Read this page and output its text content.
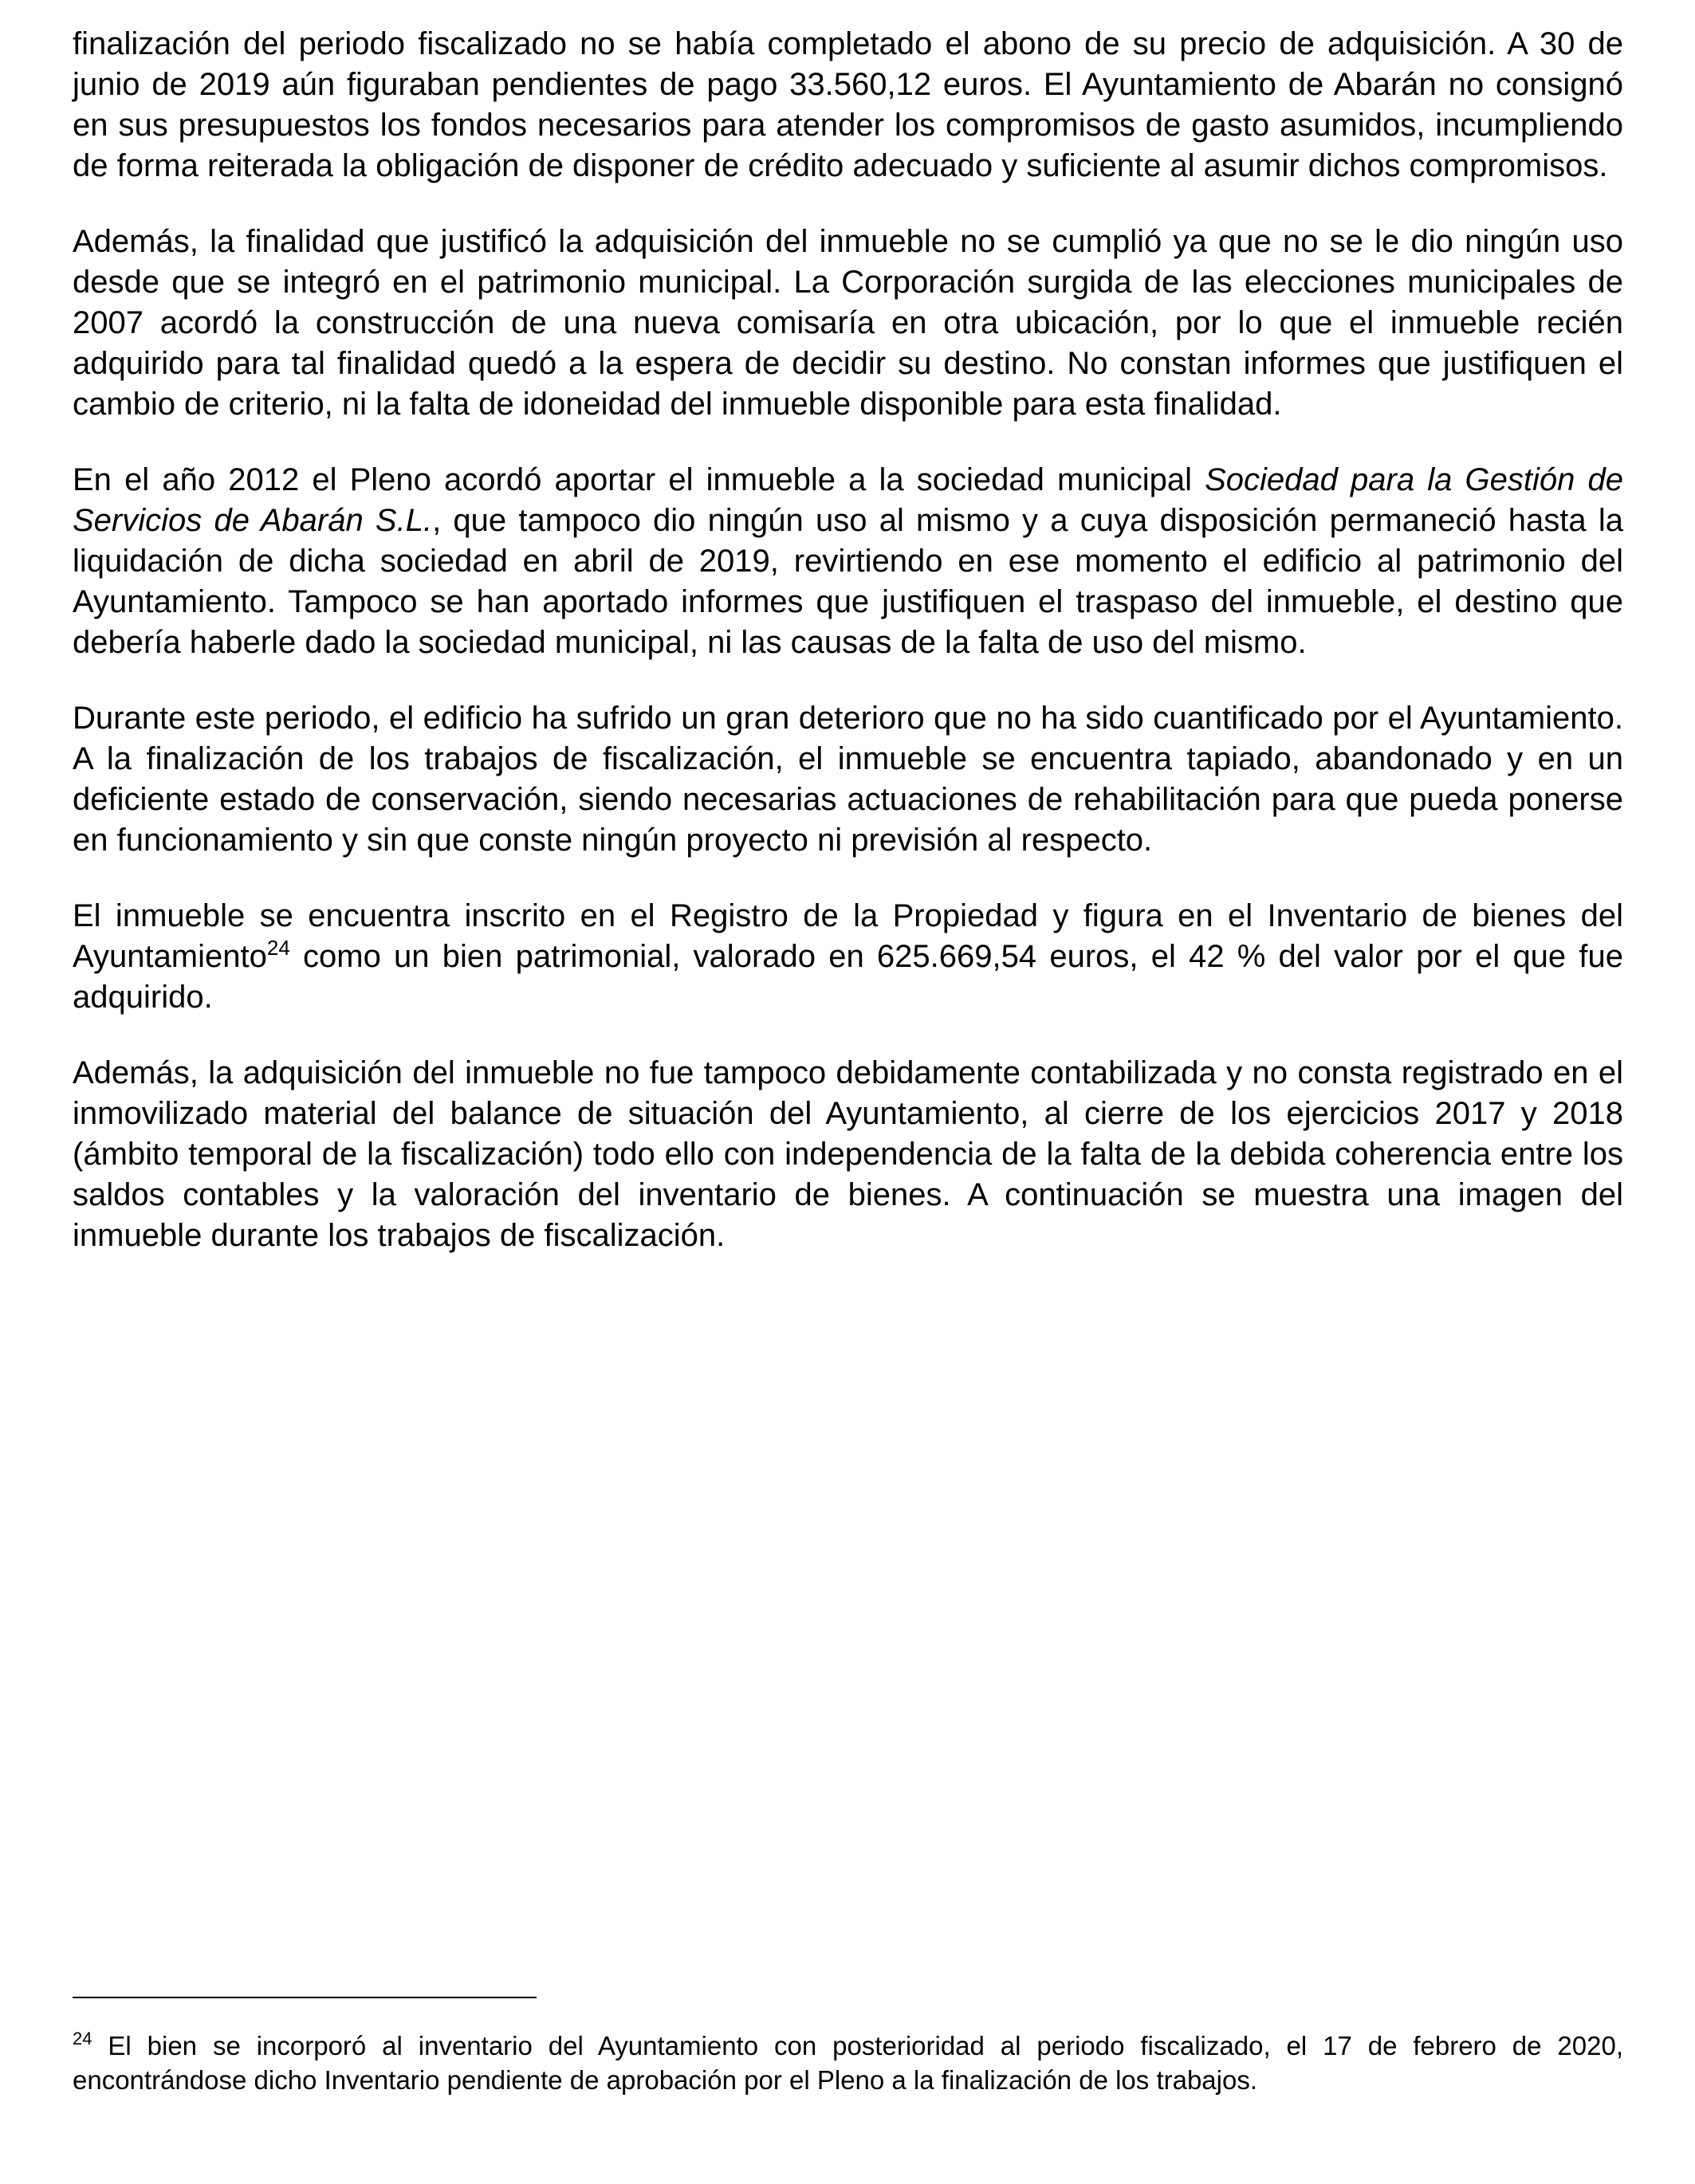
finalización del periodo fiscalizado no se había completado el abono de su precio de adquisición. A 30 de junio de 2019 aún figuraban pendientes de pago 33.560,12 euros. El Ayuntamiento de Abarán no consignó en sus presupuestos los fondos necesarios para atender los compromisos de gasto asumidos, incumpliendo de forma reiterada la obligación de disponer de crédito adecuado y suficiente al asumir dichos compromisos.

Además, la finalidad que justificó la adquisición del inmueble no se cumplió ya que no se le dio ningún uso desde que se integró en el patrimonio municipal. La Corporación surgida de las elecciones municipales de 2007 acordó la construcción de una nueva comisaría en otra ubicación, por lo que el inmueble recién adquirido para tal finalidad quedó a la espera de decidir su destino. No constan informes que justifiquen el cambio de criterio, ni la falta de idoneidad del inmueble disponible para esta finalidad.

En el año 2012 el Pleno acordó aportar el inmueble a la sociedad municipal Sociedad para la Gestión de Servicios de Abarán S.L., que tampoco dio ningún uso al mismo y a cuya disposición permaneció hasta la liquidación de dicha sociedad en abril de 2019, revirtiendo en ese momento el edificio al patrimonio del Ayuntamiento. Tampoco se han aportado informes que justifiquen el traspaso del inmueble, el destino que debería haberle dado la sociedad municipal, ni las causas de la falta de uso del mismo.

Durante este periodo, el edificio ha sufrido un gran deterioro que no ha sido cuantificado por el Ayuntamiento. A la finalización de los trabajos de fiscalización, el inmueble se encuentra tapiado, abandonado y en un deficiente estado de conservación, siendo necesarias actuaciones de rehabilitación para que pueda ponerse en funcionamiento y sin que conste ningún proyecto ni previsión al respecto.

El inmueble se encuentra inscrito en el Registro de la Propiedad y figura en el Inventario de bienes del Ayuntamiento$^{24}$ como un bien patrimonial, valorado en 625.669,54 euros, el 42 % del valor por el que fue adquirido.

Además, la adquisición del inmueble no fue tampoco debidamente contabilizada y no consta registrado en el inmovilizado material del balance de situación del Ayuntamiento, al cierre de los ejercicios 2017 y 2018 (ámbito temporal de la fiscalización) todo ello con independencia de la falta de la debida coherencia entre los saldos contables y la valoración del inventario de bienes. A continuación se muestra una imagen del inmueble durante los trabajos de fiscalización.

$^{24}$ El bien se incorporó al inventario del Ayuntamiento con posterioridad al periodo fiscalizado, el 17 de febrero de 2020, encontrándose dicho Inventario pendiente de aprobación por el Pleno a la finalización de los trabajos.
